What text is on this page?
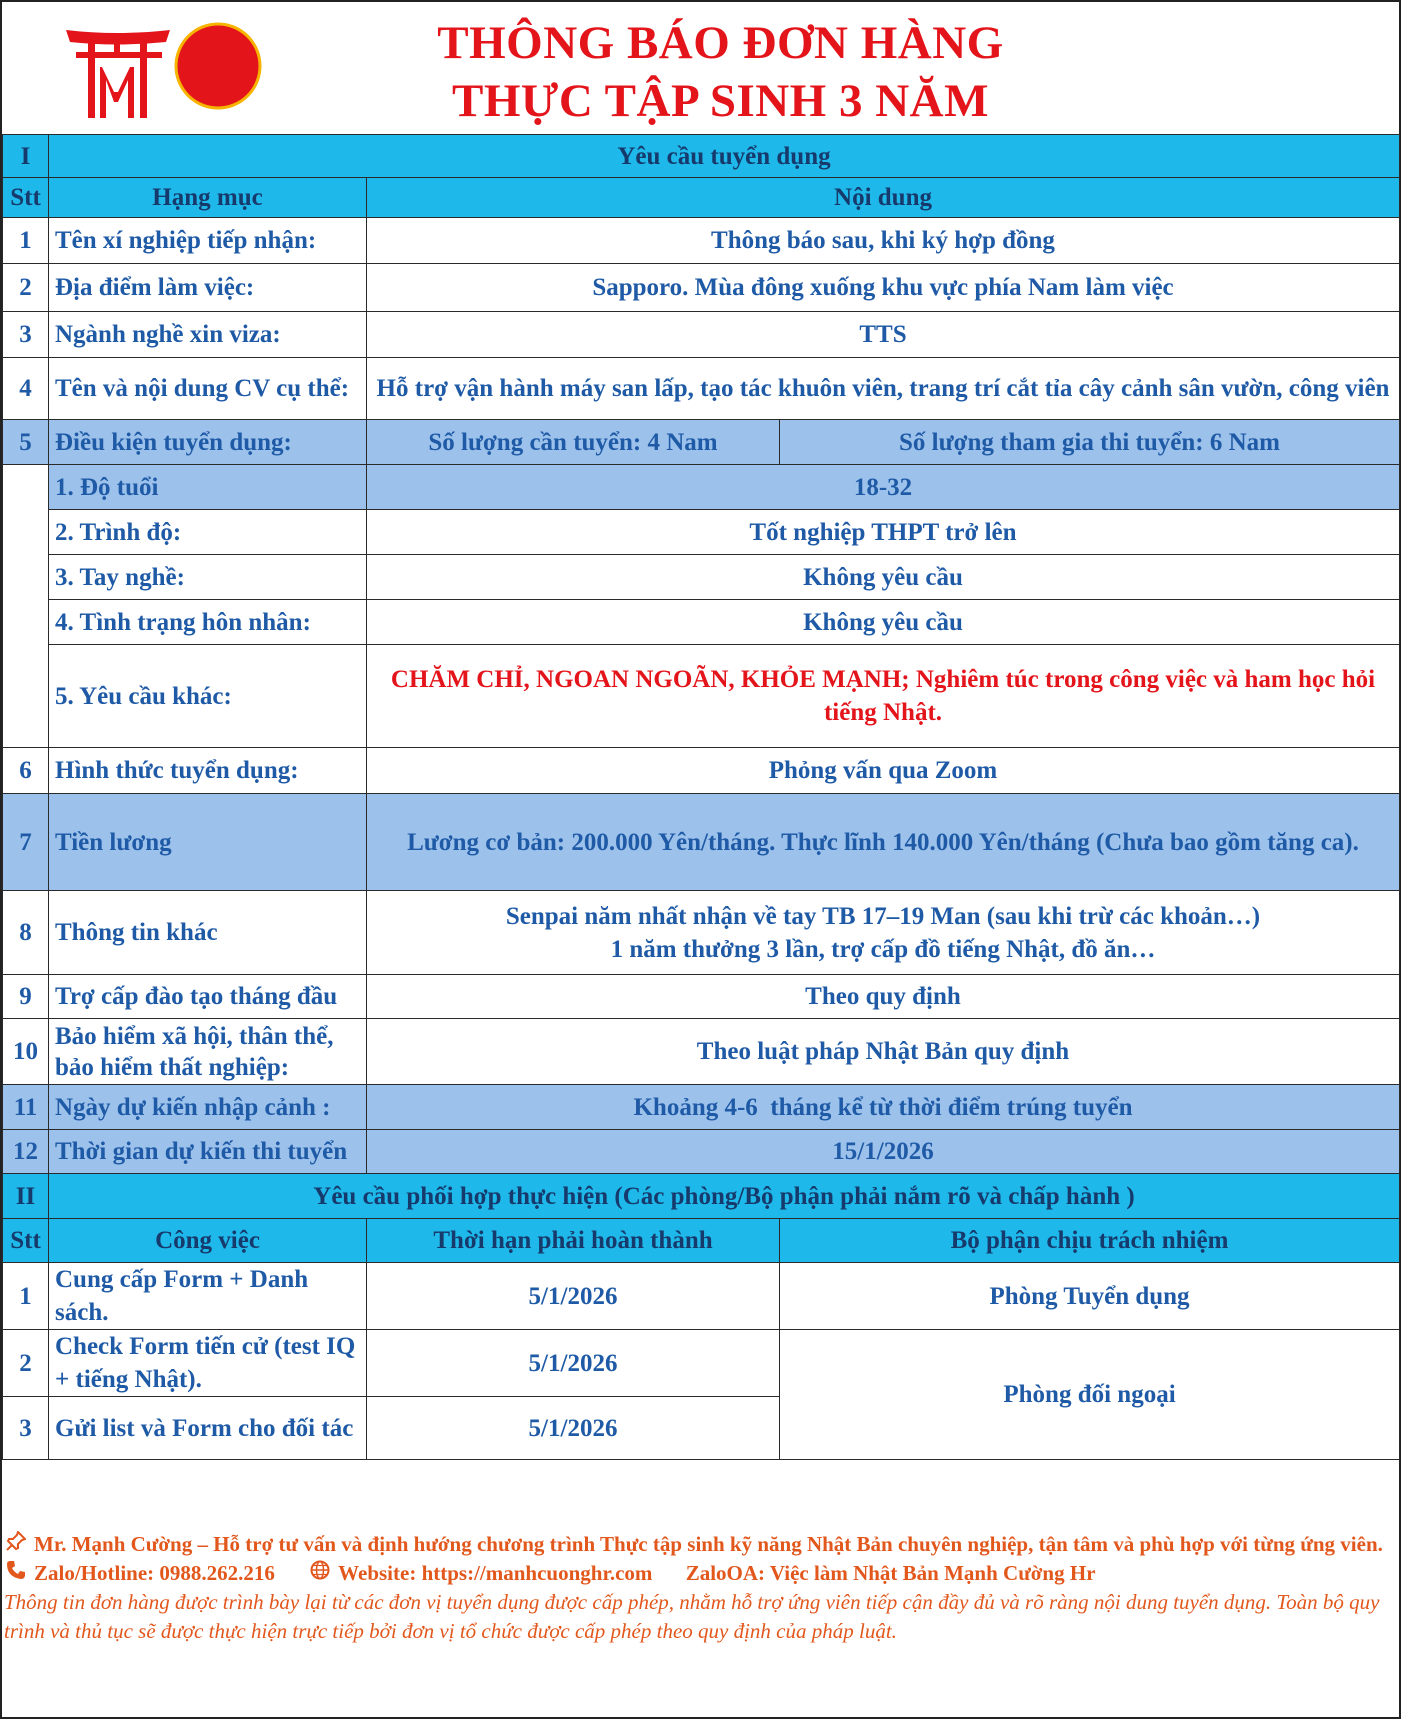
THÔNG BÁO ĐƠN HÀNG
THỰC TẬP SINH 3 NĂM
I	Yêu cầu tuyển dụng		
Stt	Hạng mục	Nội dung	
1	Tên xí nghiệp tiếp nhận:	Thông báo sau, khi ký hợp đồng	
2	Địa điểm làm việc:	Sapporo. Mùa đông xuống khu vực phía Nam làm việc	
3	Ngành nghề xin viza:	TTS	
4	Tên và nội dung CV cụ thể:	Hỗ trợ vận hành máy san lấp, tạo tác khuôn viên, trang trí cắt tỉa cây cảnh sân vườn, công viên	
5	Điều kiện tuyển dụng:	Số lượng cần tuyển: 4 Nam	Số lượng tham gia thi tuyển: 6 Nam
	1. Độ tuổi	18-32	
	2. Trình độ:	Tốt nghiệp THPT trở lên	
	3. Tay nghề:	Không yêu cầu	
	4. Tình trạng hôn nhân:	Không yêu cầu	
	5. Yêu cầu khác:	CHĂM CHỈ, NGOAN NGOÃN, KHỎE MẠNH; Nghiêm túc trong công việc và ham học hỏi tiếng Nhật.	
6	Hình thức tuyển dụng:	Phỏng vấn qua Zoom	
7	Tiền lương	Lương cơ bản: 200.000 Yên/tháng. Thực lĩnh 140.000 Yên/tháng (Chưa bao gồm tăng ca).	
8	Thông tin khác	Senpai năm nhất nhận về tay TB 17–19 Man (sau khi trừ các khoản…)
1 năm thưởng 3 lần, trợ cấp đồ tiếng Nhật, đồ ăn…	

9	Trợ cấp đào tạo tháng đầu	Theo quy định	
10	Bảo hiểm xã hội, thân thể, bảo hiểm thất nghiệp:	Theo luật pháp Nhật Bản quy định	
11	Ngày dự kiến nhập cảnh :	Khoảng 4-6  tháng kể từ thời điểm trúng tuyển	
12	Thời gian dự kiến thi tuyển	15/1/2026	
II	Yêu cầu phối hợp thực hiện (Các phòng/Bộ phận phải nắm rõ và chấp hành )		
Stt	Công việc	Thời hạn phải hoàn thành	Bộ phận chịu trách nhiệm
1	Cung cấp Form + Danh sách.	5/1/2026	Phòng Tuyển dụng
2	Check Form tiến cử (test IQ + tiếng Nhật).	5/1/2026	Phòng đối ngoại
3	Gửi list và Form cho đối tác	5/1/2026	
Mr. Mạnh Cường – Hỗ trợ tư vấn và định hướng chương trình Thực tập sinh kỹ năng Nhật Bản chuyên nghiệp, tận tâm và phù hợp với từng ứng viên.
Zalo/Hotline: 0988.262.216	Website: https://manhcuonghr.com ZaloOA: Việc làm Nhật Bản Mạnh Cường Hr
Thông tin đơn hàng được trình bày lại từ các đơn vị tuyển dụng được cấp phép, nhằm hỗ trợ ứng viên tiếp cận đầy đủ và rõ ràng nội dung tuyển dụng. Toàn bộ quy trình và thủ tục sẽ được thực hiện trực tiếp bởi đơn vị tổ chức được cấp phép theo quy định của pháp luật.
